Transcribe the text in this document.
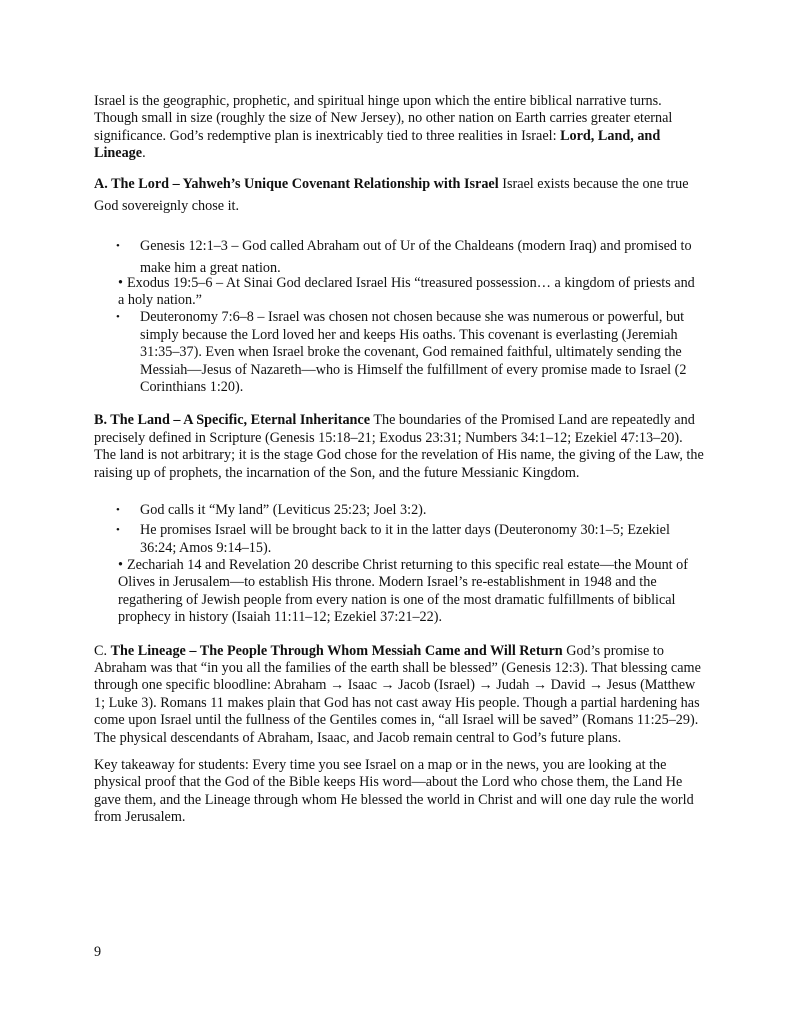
Israel is the geographic, prophetic, and spiritual hinge upon which the entire biblical narrative turns. Though small in size (roughly the size of New Jersey), no other nation on Earth carries greater eternal significance. God’s redemptive plan is inextricably tied to three realities in Israel: Lord, Land, and Lineage.

A. The Lord – Yahweh’s Unique Covenant Relationship with Israel Israel exists because the one true God sovereignly chose it.

• Genesis 12:1–3 – God called Abraham out of Ur of the Chaldeans (modern Iraq) and promised to make him a great nation.
• Exodus 19:5–6 – At Sinai God declared Israel His “treasured possession… a kingdom of priests and a holy nation.”
• Deuteronomy 7:6–8 – Israel was chosen not chosen because she was numerous or powerful, but simply because the Lord loved her and keeps His oaths. This covenant is everlasting (Jeremiah 31:35–37). Even when Israel broke the covenant, God remained faithful, ultimately sending the Messiah—Jesus of Nazareth—who is Himself the fulfillment of every promise made to Israel (2 Corinthians 1:20).

B. The Land – A Specific, Eternal Inheritance The boundaries of the Promised Land are repeatedly and precisely defined in Scripture (Genesis 15:18–21; Exodus 23:31; Numbers 34:1–12; Ezekiel 47:13–20). The land is not arbitrary; it is the stage God chose for the revelation of His name, the giving of the Law, the raising up of prophets, the incarnation of the Son, and the future Messianic Kingdom.

• God calls it “My land” (Leviticus 25:23; Joel 3:2).
• He promises Israel will be brought back to it in the latter days (Deuteronomy 30:1–5; Ezekiel 36:24; Amos 9:14–15).
• Zechariah 14 and Revelation 20 describe Christ returning to this specific real estate—the Mount of Olives in Jerusalem—to establish His throne. Modern Israel’s re-establishment in 1948 and the regathering of Jewish people from every nation is one of the most dramatic fulfillments of biblical prophecy in history (Isaiah 11:11–12; Ezekiel 37:21–22).

C. The Lineage – The People Through Whom Messiah Came and Will Return God’s promise to Abraham was that “in you all the families of the earth shall be blessed” (Genesis 12:3). That blessing came through one specific bloodline: Abraham → Isaac → Jacob (Israel) → Judah → David → Jesus (Matthew 1; Luke 3). Romans 11 makes plain that God has not cast away His people. Though a partial hardening has come upon Israel until the fullness of the Gentiles comes in, “all Israel will be saved” (Romans 11:25–29). The physical descendants of Abraham, Isaac, and Jacob remain central to God’s future plans.

Key takeaway for students: Every time you see Israel on a map or in the news, you are looking at the physical proof that the God of the Bible keeps His word—about the Lord who chose them, the Land He gave them, and the Lineage through whom He blessed the world in Christ and will one day rule the world from Jerusalem.

9
